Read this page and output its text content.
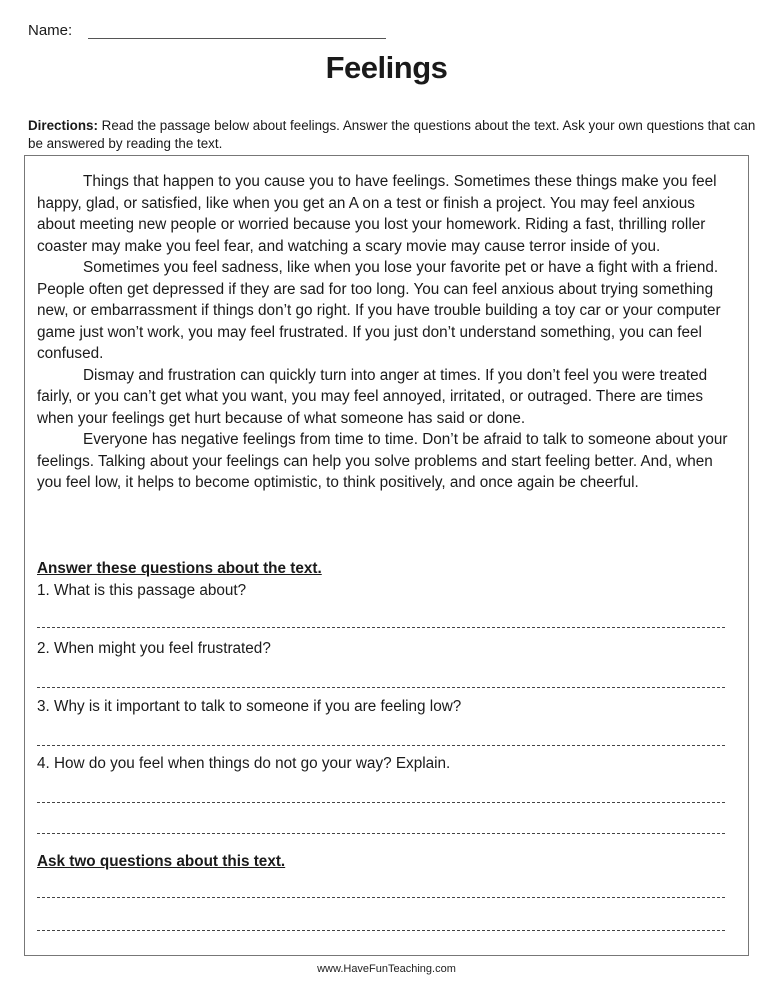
Name:
Feelings
Directions: Read the passage below about feelings. Answer the questions about the text. Ask your own questions that can be answered by reading the text.

Things that happen to you cause you to have feelings. Sometimes these things make you feel happy, glad, or satisfied, like when you get an A on a test or finish a project. You may feel anxious about meeting new people or worried because you lost your homework. Riding a fast, thrilling roller coaster may make you feel fear, and watching a scary movie may cause terror inside of you.

Sometimes you feel sadness, like when you lose your favorite pet or have a fight with a friend. People often get depressed if they are sad for too long. You can feel anxious about trying something new, or embarrassment if things don’t go right. If you have trouble building a toy car or your computer game just won’t work, you may feel frustrated. If you just don’t understand something, you can feel confused.

Dismay and frustration can quickly turn into anger at times. If you don’t feel you were treated fairly, or you can’t get what you want, you may feel annoyed, irritated, or outraged. There are times when your feelings get hurt because of what someone has said or done.

Everyone has negative feelings from time to time. Don’t be afraid to talk to someone about your feelings. Talking about your feelings can help you solve problems and start feeling better. And, when you feel low, it helps to become optimistic, to think positively, and once again be cheerful.

Answer these questions about the text.
1. What is this passage about?
2. When might you feel frustrated?
3. Why is it important to talk to someone if you are feeling low?
4. How do you feel when things do not go your way? Explain.
Ask two questions about this text.
www.HaveFunTeaching.com
